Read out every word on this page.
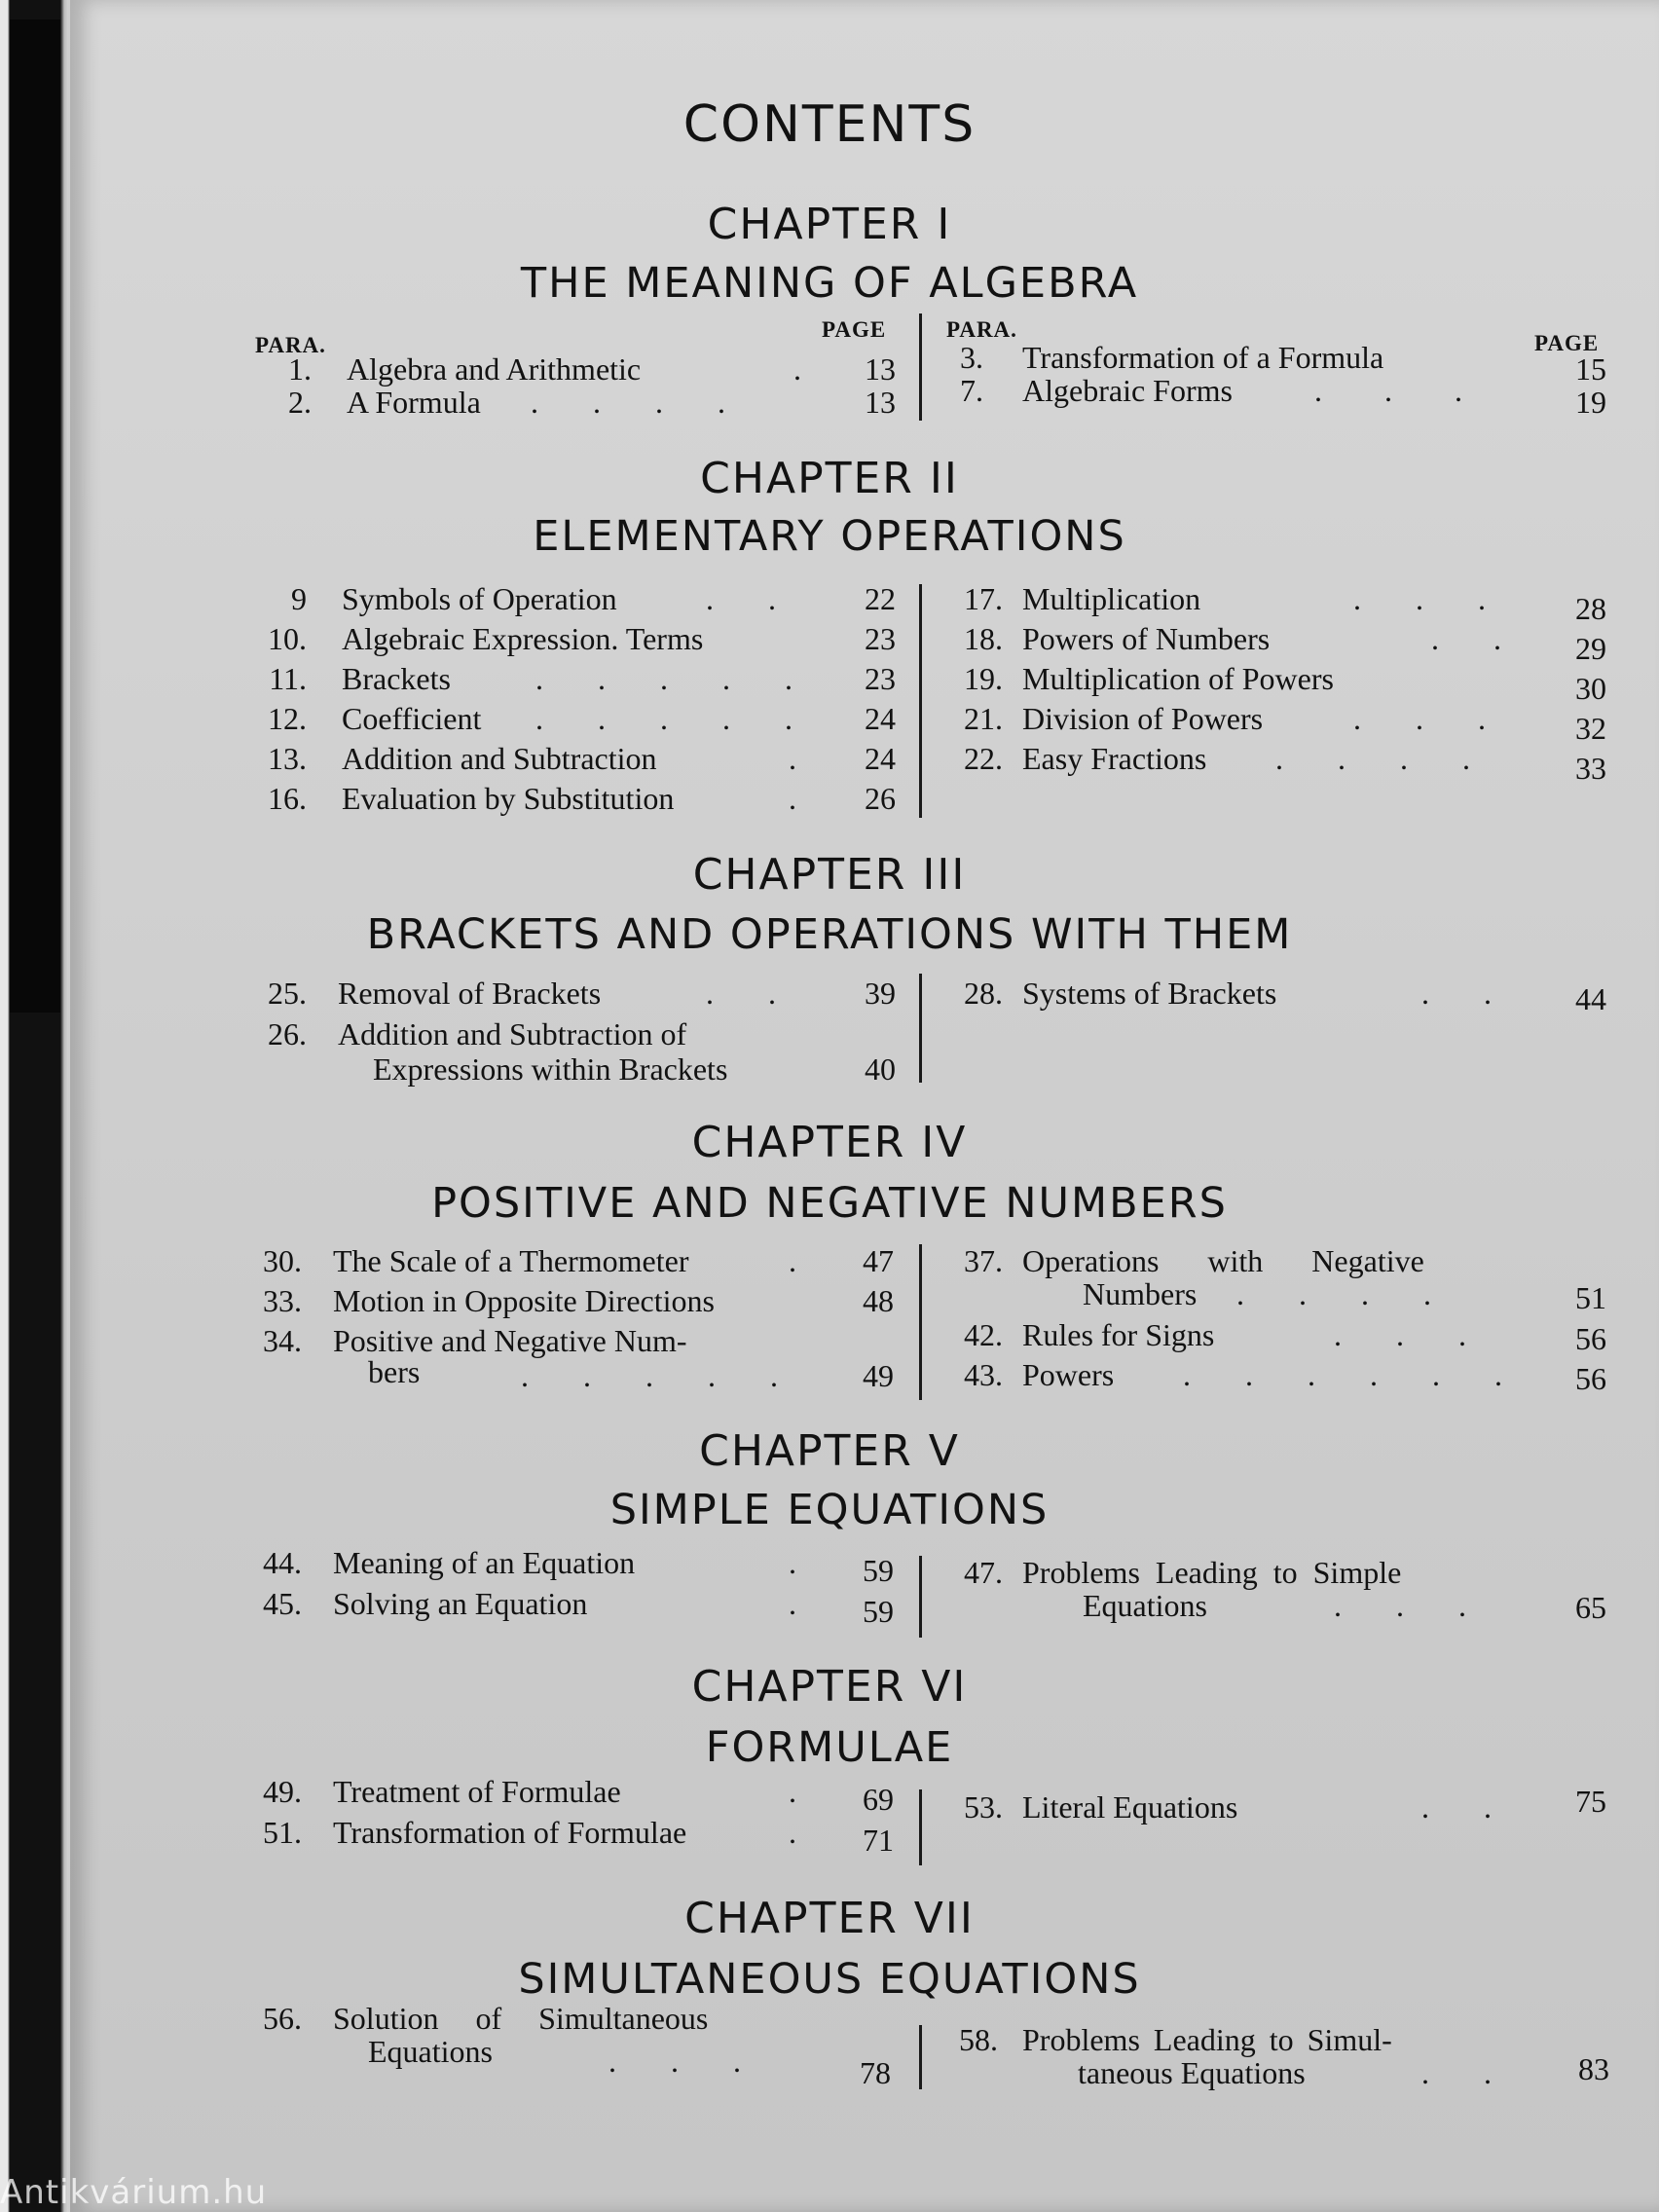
CONTENTS
CHAPTER I
THE MEANING OF ALGEBRA
PARA.
PAGE	PARA.
PAGE
1. Algebra and Arithmetic	.	13
2. A Formula .       .       .       .	13
3. Transformation of a Formula	15
7. Algebraic Forms	.        .        .	19
CHAPTER II
ELEMENTARY OPERATIONS
9 Symbols of Operation	.       .	22
10. Algebraic Expression. Terms	23
11. Brackets	.       .       .       .       .	23
12. Coefficient .       .       .       .       .	24
13. Addition and Subtraction	.	24
16. Evaluation by Substitution	.	26
17. Multiplication	.       .       .	28
18. Powers of Numbers	.       .	29
19. Multiplication of Powers	30
21. Division of Powers	.       .       .	32
22. Easy Fractions .       .       .       .	33
CHAPTER III
BRACKETS AND OPERATIONS WITH THEM
25. Removal of Brackets	.       .	39
26. Addition and Subtraction of
Expressions within Brackets	40
28. Systems of Brackets	.       .	44
CHAPTER IV
POSITIVE AND NEGATIVE NUMBERS
30. The Scale of a Thermometer	.	47
33. Motion in Opposite Directions	48
34. Positive and Negative Num-
bers	.       .       .       .       .	49
37. Operations with Negative
Numbers .       .       .       .	51
42. Rules for Signs	.       .       .	56
43. Powers .       .       .       .       .       .	56
CHAPTER V
SIMPLE EQUATIONS
44. Meaning of an Equation	.	59
45. Solving an Equation	.	59
47. Problems Leading to Simple
Equations	.       .       .	65
CHAPTER VI
FORMULAE
49. Treatment of Formulae	.	69
51. Transformation of Formulae	.	71
53. Literal Equations	.       .	75
CHAPTER VII
SIMULTANEOUS EQUATIONS
56. Solution of Simultaneous
Equations	.       .       .	78
58. Problems Leading to Simul-
taneous Equations	.       .	83
Antikvárium.hu
